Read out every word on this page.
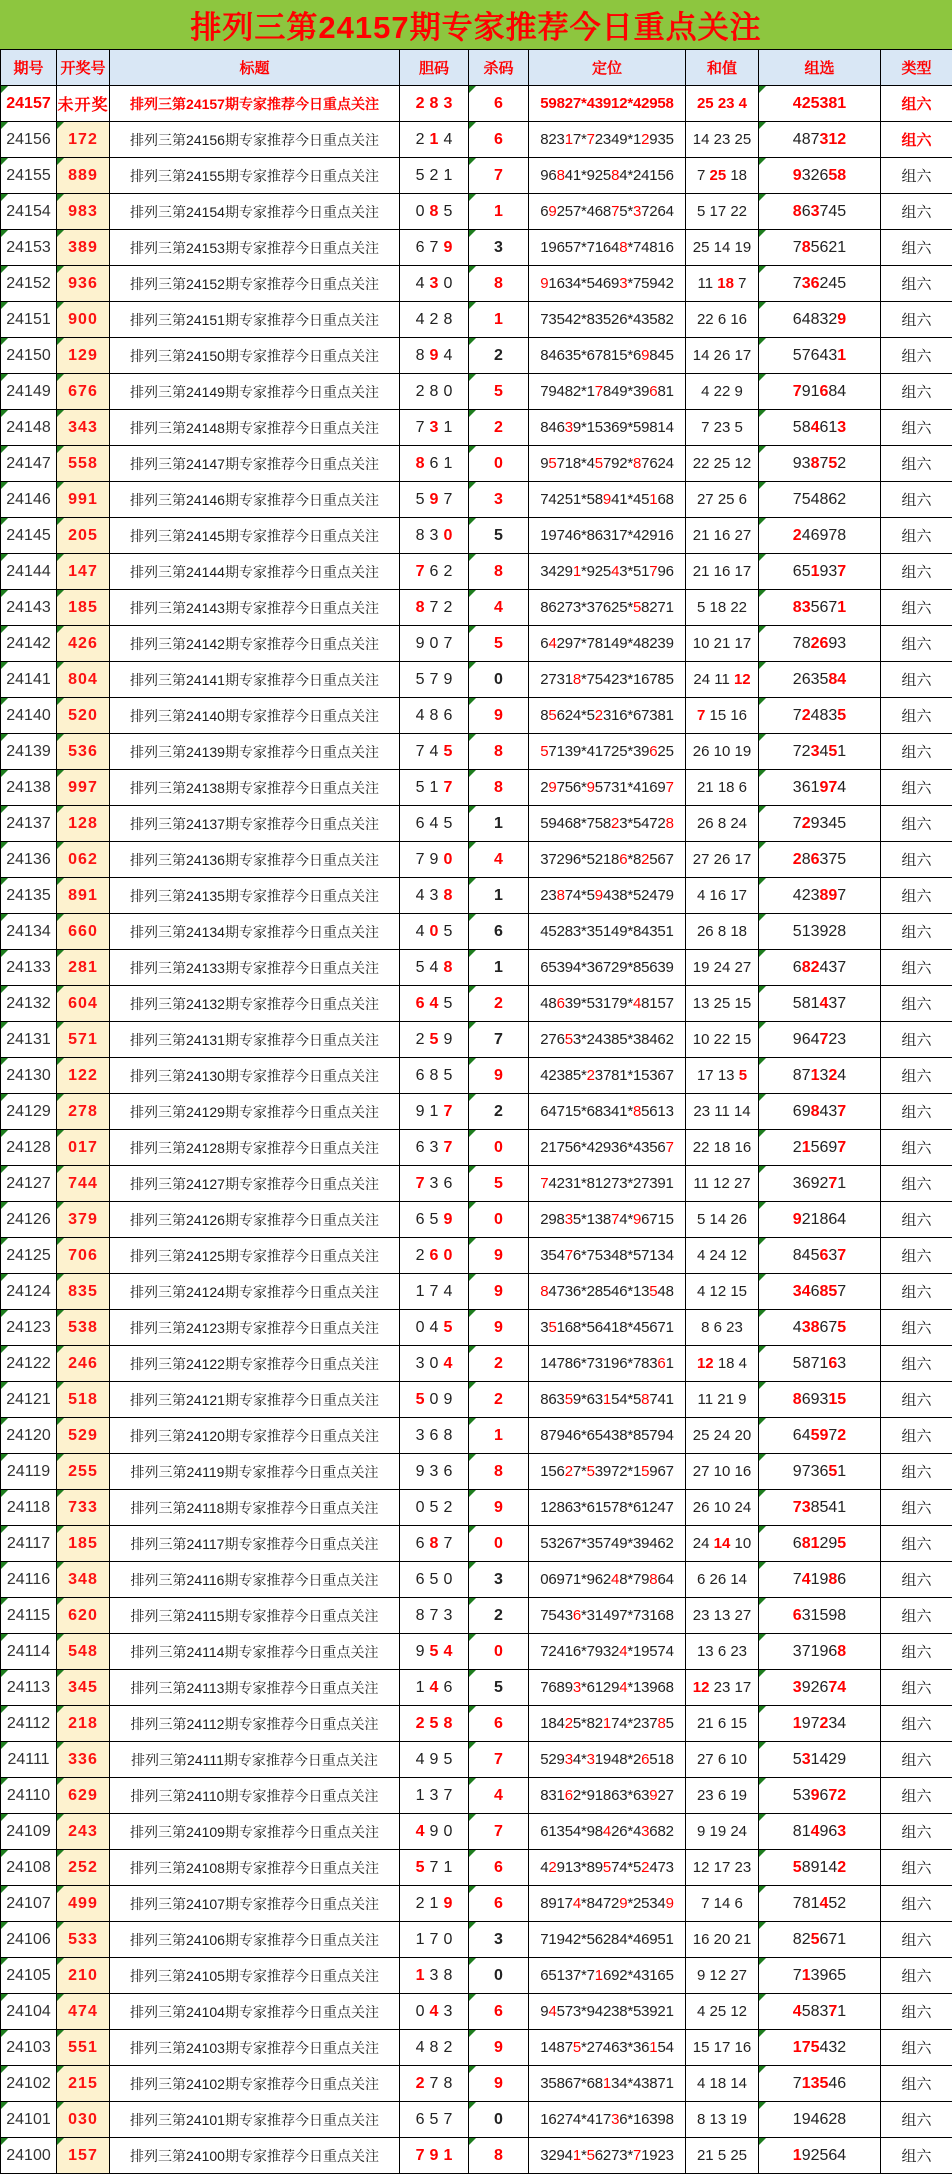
排列三第24157期专家推荐今日重点关注
期号	开奖号	标题	胆码	杀码	定位	和值	组选	类型
24157	未开奖	排列三第24157期专家推荐今日重点关注	2 8 3	6	59827*43912*42958	25 23 4	425381	组六
24156	172	排列三第24156期专家推荐今日重点关注	2 1 4	6	82317*72349*12935	14 23 25	487312	组六
24155	889	排列三第24155期专家推荐今日重点关注	5 2 1	7	96841*92584*24156	7 25 18	932658	组六
24154	983	排列三第24154期专家推荐今日重点关注	0 8 5	1	69257*46875*37264	5 17 22	863745	组六
24153	389	排列三第24153期专家推荐今日重点关注	6 7 9	3	19657*71648*74816	25 14 19	785621	组六
24152	936	排列三第24152期专家推荐今日重点关注	4 3 0	8	91634*54693*75942	11 18 7	736245	组六
24151	900	排列三第24151期专家推荐今日重点关注	4 2 8	1	73542*83526*43582	22 6 16	648329	组六
24150	129	排列三第24150期专家推荐今日重点关注	8 9 4	2	84635*67815*69845	14 26 17	576431	组六
24149	676	排列三第24149期专家推荐今日重点关注	2 8 0	5	79482*17849*39681	4 22 9	791684	组六
24148	343	排列三第24148期专家推荐今日重点关注	7 3 1	2	84639*15369*59814	7 23 5	584613	组六
24147	558	排列三第24147期专家推荐今日重点关注	8 6 1	0	95718*45792*87624	22 25 12	938752	组六
24146	991	排列三第24146期专家推荐今日重点关注	5 9 7	3	74251*58941*45168	27 25 6	754862	组六
24145	205	排列三第24145期专家推荐今日重点关注	8 3 0	5	19746*86317*42916	21 16 27	246978	组六
24144	147	排列三第24144期专家推荐今日重点关注	7 6 2	8	34291*92543*51796	21 16 17	651937	组六
24143	185	排列三第24143期专家推荐今日重点关注	8 7 2	4	86273*37625*58271	5 18 22	835671	组六
24142	426	排列三第24142期专家推荐今日重点关注	9 0 7	5	64297*78149*48239	10 21 17	782693	组六
24141	804	排列三第24141期专家推荐今日重点关注	5 7 9	0	27318*75423*16785	24 11 12	263584	组六
24140	520	排列三第24140期专家推荐今日重点关注	4 8 6	9	85624*52316*67381	7 15 16	724835	组六
24139	536	排列三第24139期专家推荐今日重点关注	7 4 5	8	57139*41725*39625	26 10 19	723451	组六
24138	997	排列三第24138期专家推荐今日重点关注	5 1 7	8	29756*95731*41697	21 18 6	361974	组六
24137	128	排列三第24137期专家推荐今日重点关注	6 4 5	1	59468*75823*54728	26 8 24	729345	组六
24136	062	排列三第24136期专家推荐今日重点关注	7 9 0	4	37296*52186*82567	27 26 17	286375	组六
24135	891	排列三第24135期专家推荐今日重点关注	4 3 8	1	23874*59438*52479	4 16 17	423897	组六
24134	660	排列三第24134期专家推荐今日重点关注	4 0 5	6	45283*35149*84351	26 8 18	513928	组六
24133	281	排列三第24133期专家推荐今日重点关注	5 4 8	1	65394*36729*85639	19 24 27	682437	组六
24132	604	排列三第24132期专家推荐今日重点关注	6 4 5	2	48639*53179*48157	13 25 15	581437	组六
24131	571	排列三第24131期专家推荐今日重点关注	2 5 9	7	27653*24385*38462	10 22 15	964723	组六
24130	122	排列三第24130期专家推荐今日重点关注	6 8 5	9	42385*23781*15367	17 13 5	871324	组六
24129	278	排列三第24129期专家推荐今日重点关注	9 1 7	2	64715*68341*85613	23 11 14	698437	组六
24128	017	排列三第24128期专家推荐今日重点关注	6 3 7	0	21756*42936*43567	22 18 16	215697	组六
24127	744	排列三第24127期专家推荐今日重点关注	7 3 6	5	74231*81273*27391	11 12 27	369271	组六
24126	379	排列三第24126期专家推荐今日重点关注	6 5 9	0	29835*13874*96715	5 14 26	921864	组六
24125	706	排列三第24125期专家推荐今日重点关注	2 6 0	9	35476*75348*57134	4 24 12	845637	组六
24124	835	排列三第24124期专家推荐今日重点关注	1 7 4	9	84736*28546*13548	4 12 15	346857	组六
24123	538	排列三第24123期专家推荐今日重点关注	0 4 5	9	35168*56418*45671	8 6 23	438675	组六
24122	246	排列三第24122期专家推荐今日重点关注	3 0 4	2	14786*73196*78361	12 18 4	587163	组六
24121	518	排列三第24121期专家推荐今日重点关注	5 0 9	2	86359*63154*58741	11 21 9	869315	组六
24120	529	排列三第24120期专家推荐今日重点关注	3 6 8	1	87946*65438*85794	25 24 20	645972	组六
24119	255	排列三第24119期专家推荐今日重点关注	9 3 6	8	15627*53972*15967	27 10 16	973651	组六
24118	733	排列三第24118期专家推荐今日重点关注	0 5 2	9	12863*61578*61247	26 10 24	738541	组六
24117	185	排列三第24117期专家推荐今日重点关注	6 8 7	0	53267*35749*39462	24 14 10	681295	组六
24116	348	排列三第24116期专家推荐今日重点关注	6 5 0	3	06971*96248*79864	6 26 14	741986	组六
24115	620	排列三第24115期专家推荐今日重点关注	8 7 3	2	75436*31497*73168	23 13 27	631598	组六
24114	548	排列三第24114期专家推荐今日重点关注	9 5 4	0	72416*79324*19574	13 6 23	371968	组六
24113	345	排列三第24113期专家推荐今日重点关注	1 4 6	5	76893*61294*13968	12 23 17	392674	组六
24112	218	排列三第24112期专家推荐今日重点关注	2 5 8	6	18425*82174*23785	21 6 15	197234	组六
24111	336	排列三第24111期专家推荐今日重点关注	4 9 5	7	52934*31948*26518	27 6 10	531429	组六
24110	629	排列三第24110期专家推荐今日重点关注	1 3 7	4	83162*91863*63927	23 6 19	539672	组六
24109	243	排列三第24109期专家推荐今日重点关注	4 9 0	7	61354*98426*43682	9 19 24	814963	组六
24108	252	排列三第24108期专家推荐今日重点关注	5 7 1	6	42913*89574*52473	12 17 23	589142	组六
24107	499	排列三第24107期专家推荐今日重点关注	2 1 9	6	89174*84729*25349	7 14 6	781452	组六
24106	533	排列三第24106期专家推荐今日重点关注	1 7 0	3	71942*56284*46951	16 20 21	825671	组六
24105	210	排列三第24105期专家推荐今日重点关注	1 3 8	0	65137*71692*43165	9 12 27	713965	组六
24104	474	排列三第24104期专家推荐今日重点关注	0 4 3	6	94573*94238*53921	4 25 12	458371	组六
24103	551	排列三第24103期专家推荐今日重点关注	4 8 2	9	14875*27463*36154	15 17 16	175432	组六
24102	215	排列三第24102期专家推荐今日重点关注	2 7 8	9	35867*68134*43871	4 18 14	713546	组六
24101	030	排列三第24101期专家推荐今日重点关注	6 5 7	0	16274*41736*16398	8 13 19	194628	组六
24100	157	排列三第24100期专家推荐今日重点关注	7 9 1	8	32941*56273*71923	21 5 25	192564	组六
